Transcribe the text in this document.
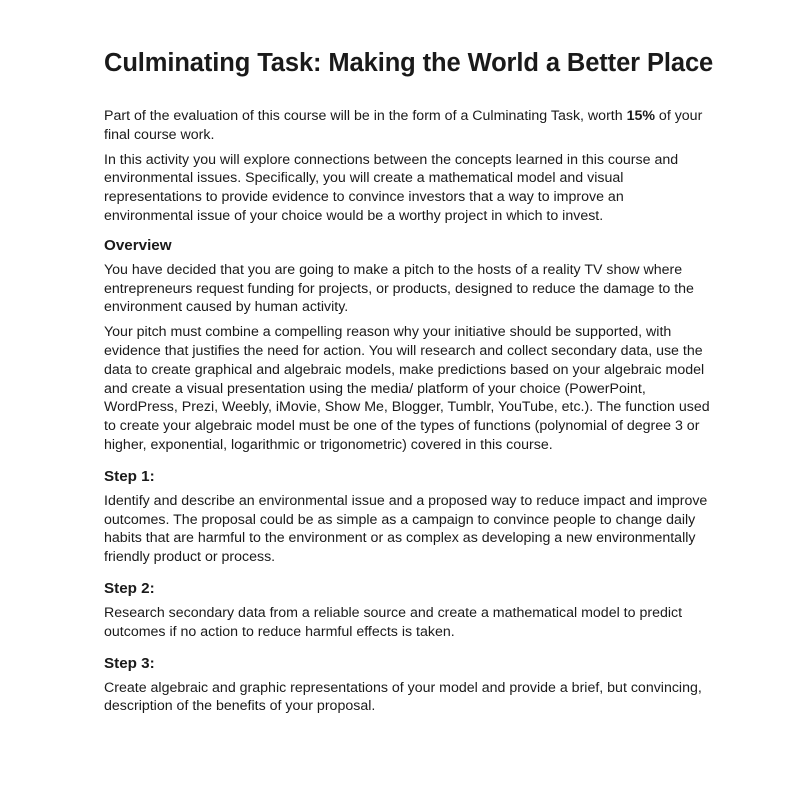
Culminating Task: Making the World a Better Place

Part of the evaluation of this course will be in the form of a Culminating Task, worth 15% of your final course work.

In this activity you will explore connections between the concepts learned in this course and environmental issues. Specifically, you will create a mathematical model and visual representations to provide evidence to convince investors that a way to improve an environmental issue of your choice would be a worthy project in which to invest.

Overview

You have decided that you are going to make a pitch to the hosts of a reality TV show where entrepreneurs request funding for projects, or products, designed to reduce the damage to the environment caused by human activity.

Your pitch must combine a compelling reason why your initiative should be supported, with evidence that justifies the need for action. You will research and collect secondary data, use the data to create graphical and algebraic models, make predictions based on your algebraic model and create a visual presentation using the media/ platform of your choice (PowerPoint, WordPress, Prezi, Weebly, iMovie, Show Me, Blogger, Tumblr, YouTube, etc.). The function used to create your algebraic model must be one of the types of functions (polynomial of degree 3 or higher, exponential, logarithmic or trigonometric) covered in this course.

Step 1:

Identify and describe an environmental issue and a proposed way to reduce impact and improve outcomes. The proposal could be as simple as a campaign to convince people to change daily habits that are harmful to the environment or as complex as developing a new environmentally friendly product or process.

Step 2:

Research secondary data from a reliable source and create a mathematical model to predict outcomes if no action to reduce harmful effects is taken.

Step 3:

Create algebraic and graphic representations of your model and provide a brief, but convincing, description of the benefits of your proposal.
